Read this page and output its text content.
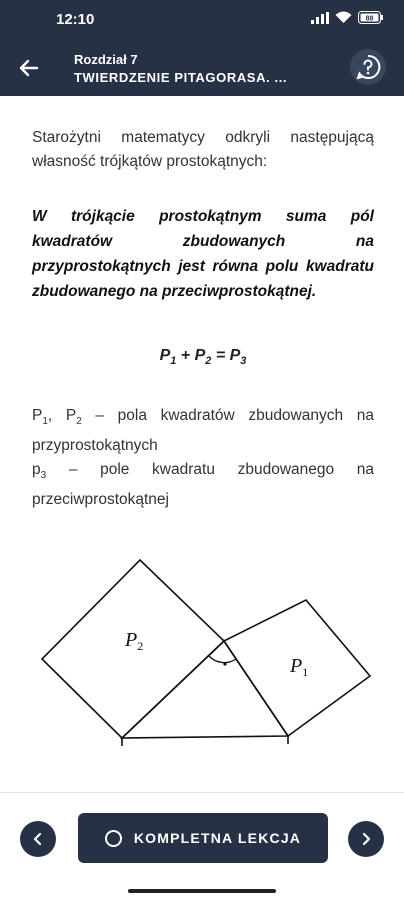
12:10	88
Rozdział 7
TWIERDZENIE PITAGORASA. ...

Starożytni matematycy odkryli następującą własność trójkątów prostokątnych:

W trójkącie prostokątnym suma pól kwadratów zbudowanych na przyprostokątnych jest równa polu kwadratu zbudowanego na przeciwprostokątnej.

$P_1 + P_2 = P_3$
$P_1$, $P_2$ – pola kwadratów zbudowanych na przyprostokątnych
$p_3$ – pole kwadratu zbudowanego na przeciwprostokątnej
$P_2$
$P_1$
KOMPLETNA LEKCJA
